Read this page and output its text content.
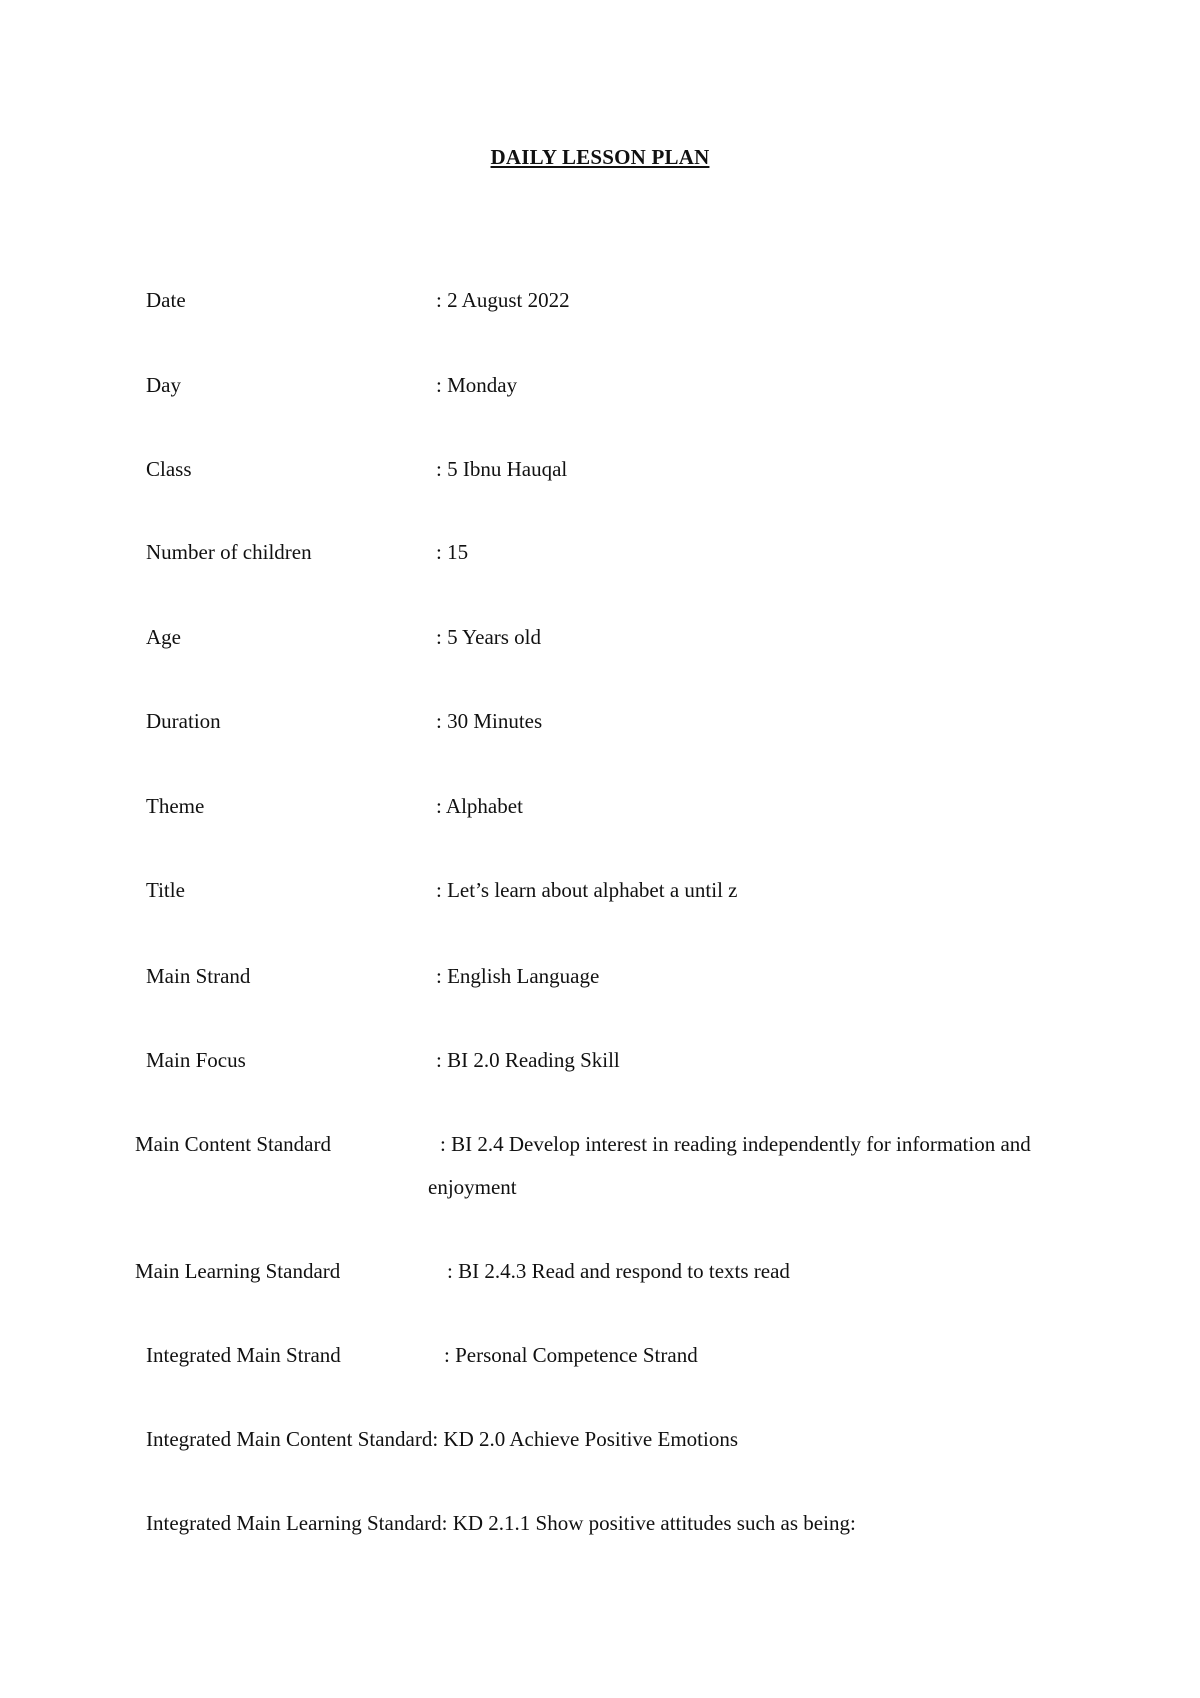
DAILY LESSON PLAN
Date	: 2 August 2022
Day	: Monday
Class	: 5 Ibnu Hauqal
Number of children	: 15
Age	: 5 Years old
Duration	: 30 Minutes
Theme	: Alphabet
Title	: Let’s learn about alphabet a until z
Main Strand	: English Language
Main Focus	: BI 2.0 Reading Skill
Main Content Standard	: BI 2.4 Develop interest in reading independently for information and
enjoyment
Main Learning Standard	: BI 2.4.3 Read and respond to texts read
Integrated Main Strand	: Personal Competence Strand
Integrated Main Content Standard: KD 2.0 Achieve Positive Emotions
Integrated Main Learning Standard: KD 2.1.1 Show positive attitudes such as being:
